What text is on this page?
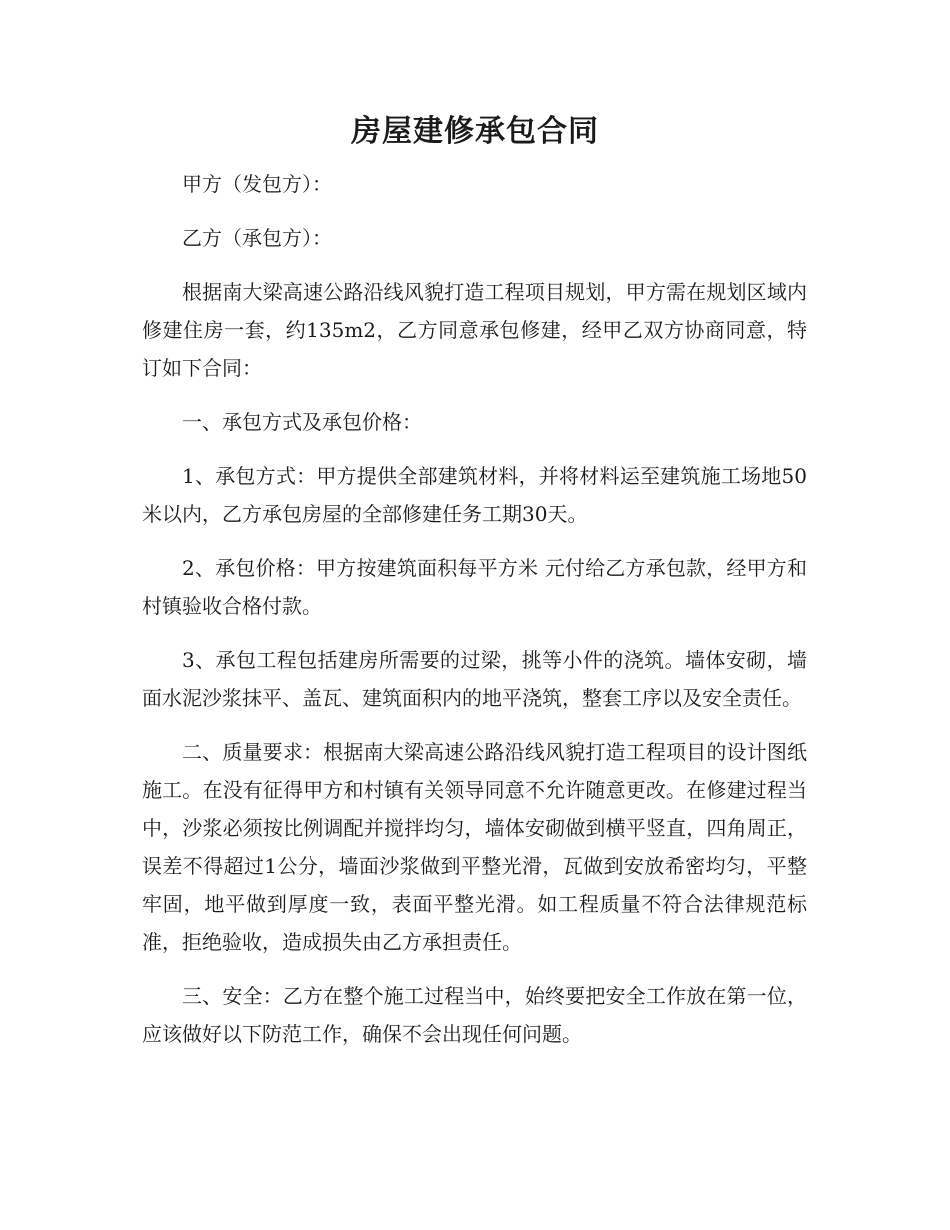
房屋建修承包合同

甲方（发包方）：

乙方（承包方）：

根据南大梁高速公路沿线风貌打造工程项目规划，甲方需在规划区域内修建住房一套，约135m2，乙方同意承包修建，经甲乙双方协商同意，特订如下合同：

一、承包方式及承包价格：

1、承包方式：甲方提供全部建筑材料，并将材料运至建筑施工场地50米以内，乙方承包房屋的全部修建任务工期30天。

2、承包价格：甲方按建筑面积每平方米 元付给乙方承包款，经甲方和村镇验收合格付款。

3、承包工程包括建房所需要的过梁，挑等小件的浇筑。墙体安砌，墙面水泥沙浆抹平、盖瓦、建筑面积内的地平浇筑，整套工序以及安全责任。

二、质量要求：根据南大梁高速公路沿线风貌打造工程项目的设计图纸施工。在没有征得甲方和村镇有关领导同意不允许随意更改。在修建过程当中，沙浆必须按比例调配并搅拌均匀，墙体安砌做到横平竖直，四角周正，误差不得超过1公分，墙面沙浆做到平整光滑，瓦做到安放希密均匀，平整牢固，地平做到厚度一致，表面平整光滑。如工程质量不符合法律规范标准，拒绝验收，造成损失由乙方承担责任。

三、安全：乙方在整个施工过程当中，始终要把安全工作放在第一位，应该做好以下防范工作，确保不会出现任何问题。
